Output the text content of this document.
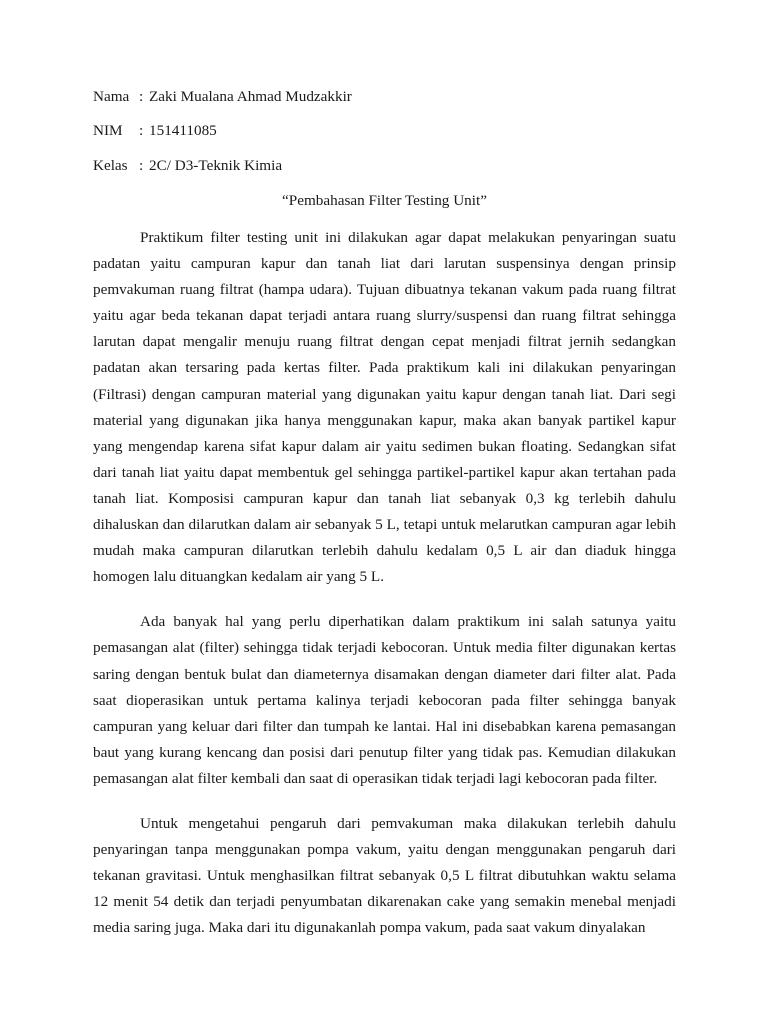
Nama : Zaki Mualana Ahmad Mudzakkir
NIM : 151411085
Kelas : 2C/ D3-Teknik Kimia
“Pembahasan Filter Testing Unit”

Praktikum filter testing unit ini dilakukan agar dapat melakukan penyaringan suatu padatan yaitu campuran kapur dan tanah liat dari larutan suspensinya dengan prinsip pemvakuman ruang filtrat (hampa udara). Tujuan dibuatnya tekanan vakum pada ruang filtrat yaitu agar beda tekanan dapat terjadi antara ruang slurry/suspensi dan ruang filtrat sehingga larutan dapat mengalir menuju ruang filtrat dengan cepat menjadi filtrat jernih sedangkan padatan akan tersaring pada kertas filter. Pada praktikum kali ini dilakukan penyaringan (Filtrasi) dengan campuran material yang digunakan yaitu kapur dengan tanah liat. Dari segi material yang digunakan jika hanya menggunakan kapur, maka akan banyak partikel kapur yang mengendap karena sifat kapur dalam air yaitu sedimen bukan floating. Sedangkan sifat dari tanah liat yaitu dapat membentuk gel sehingga partikel-partikel kapur akan tertahan pada tanah liat. Komposisi campuran kapur dan tanah liat sebanyak 0,3 kg terlebih dahulu dihaluskan dan dilarutkan dalam air sebanyak 5 L, tetapi untuk melarutkan campuran agar lebih mudah maka campuran dilarutkan terlebih dahulu kedalam 0,5 L air dan diaduk hingga homogen lalu dituangkan kedalam air yang 5 L.

Ada banyak hal yang perlu diperhatikan dalam praktikum ini salah satunya yaitu pemasangan alat (filter) sehingga tidak terjadi kebocoran. Untuk media filter digunakan kertas saring dengan bentuk bulat dan diameternya disamakan dengan diameter dari filter alat. Pada saat dioperasikan untuk pertama kalinya terjadi kebocoran pada filter sehingga banyak campuran yang keluar dari filter dan tumpah ke lantai. Hal ini disebabkan karena pemasangan baut yang kurang kencang dan posisi dari penutup filter yang tidak pas. Kemudian dilakukan pemasangan alat filter kembali dan saat di operasikan tidak terjadi lagi kebocoran pada filter.

Untuk mengetahui pengaruh dari pemvakuman maka dilakukan terlebih dahulu penyaringan tanpa menggunakan pompa vakum, yaitu dengan menggunakan pengaruh dari tekanan gravitasi. Untuk menghasilkan filtrat sebanyak 0,5 L filtrat dibutuhkan waktu selama 12 menit 54 detik dan terjadi penyumbatan dikarenakan cake yang semakin menebal menjadi media saring juga. Maka dari itu digunakanlah pompa vakum, pada saat vakum dinyalakan
